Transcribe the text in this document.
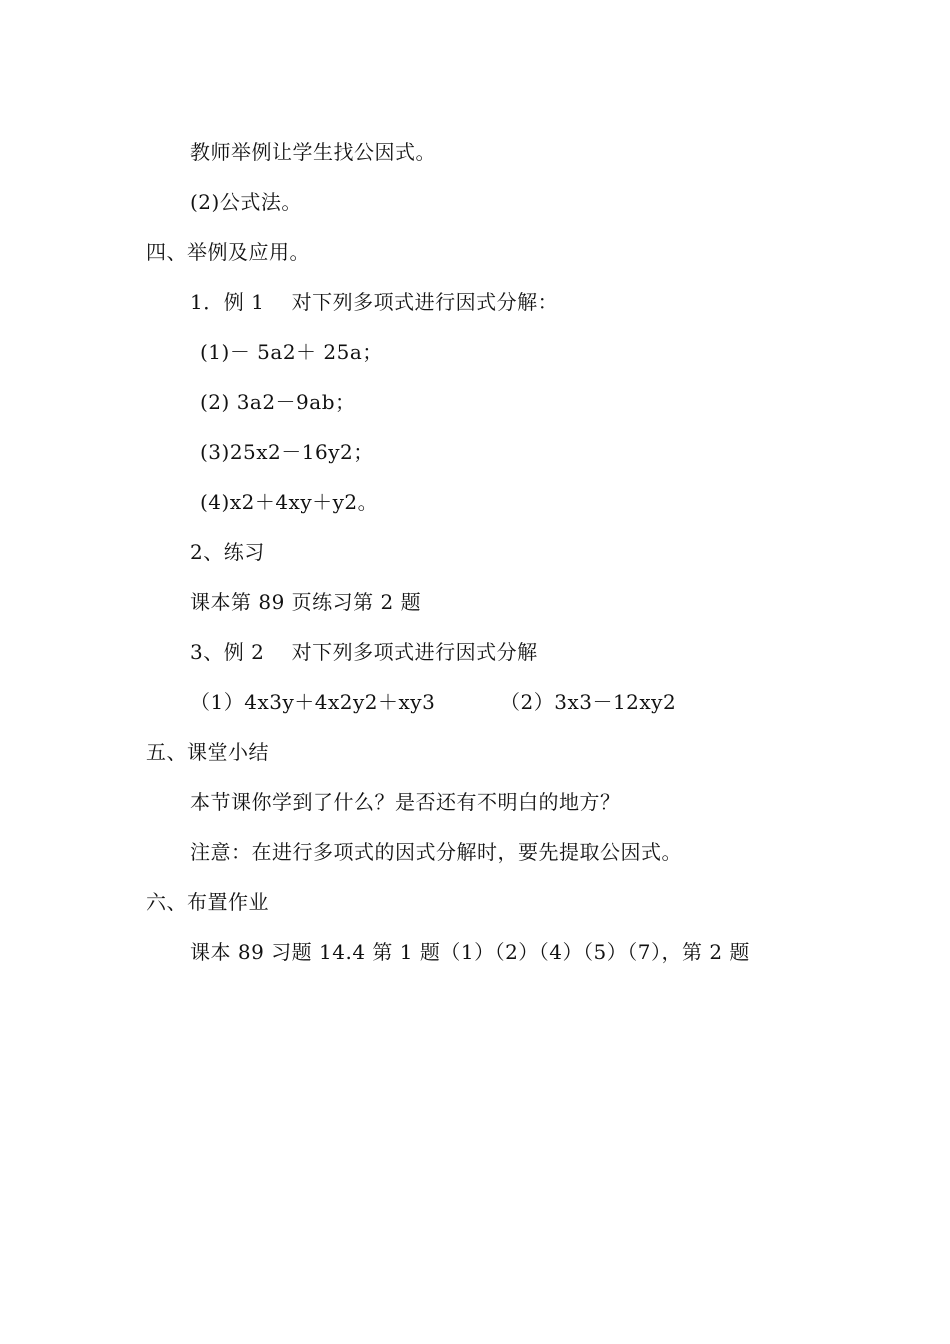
教师举例让学生找公因式。
(2)公式法。
四、举例及应用。
1．例 1　 对下列多项式进行因式分解：
(1)－ 5a2＋ 25a；
(2) 3a2－9ab；
(3)25x2－16y2；
(4)x2＋4xy＋y2。
2、练习
课本第 89 页练习第 2 题
3、例 2　 对下列多项式进行因式分解
（1）4x3y＋4x2y2＋xy3	（2）3x3－12xy2
五、课堂小结
本节课你学到了什么？是否还有不明白的地方？
注意：在进行多项式的因式分解时，要先提取公因式。
六、布置作业
课本 89 习题 14.4 第 1 题（1）（2）（4）（5）（7），第 2 题
